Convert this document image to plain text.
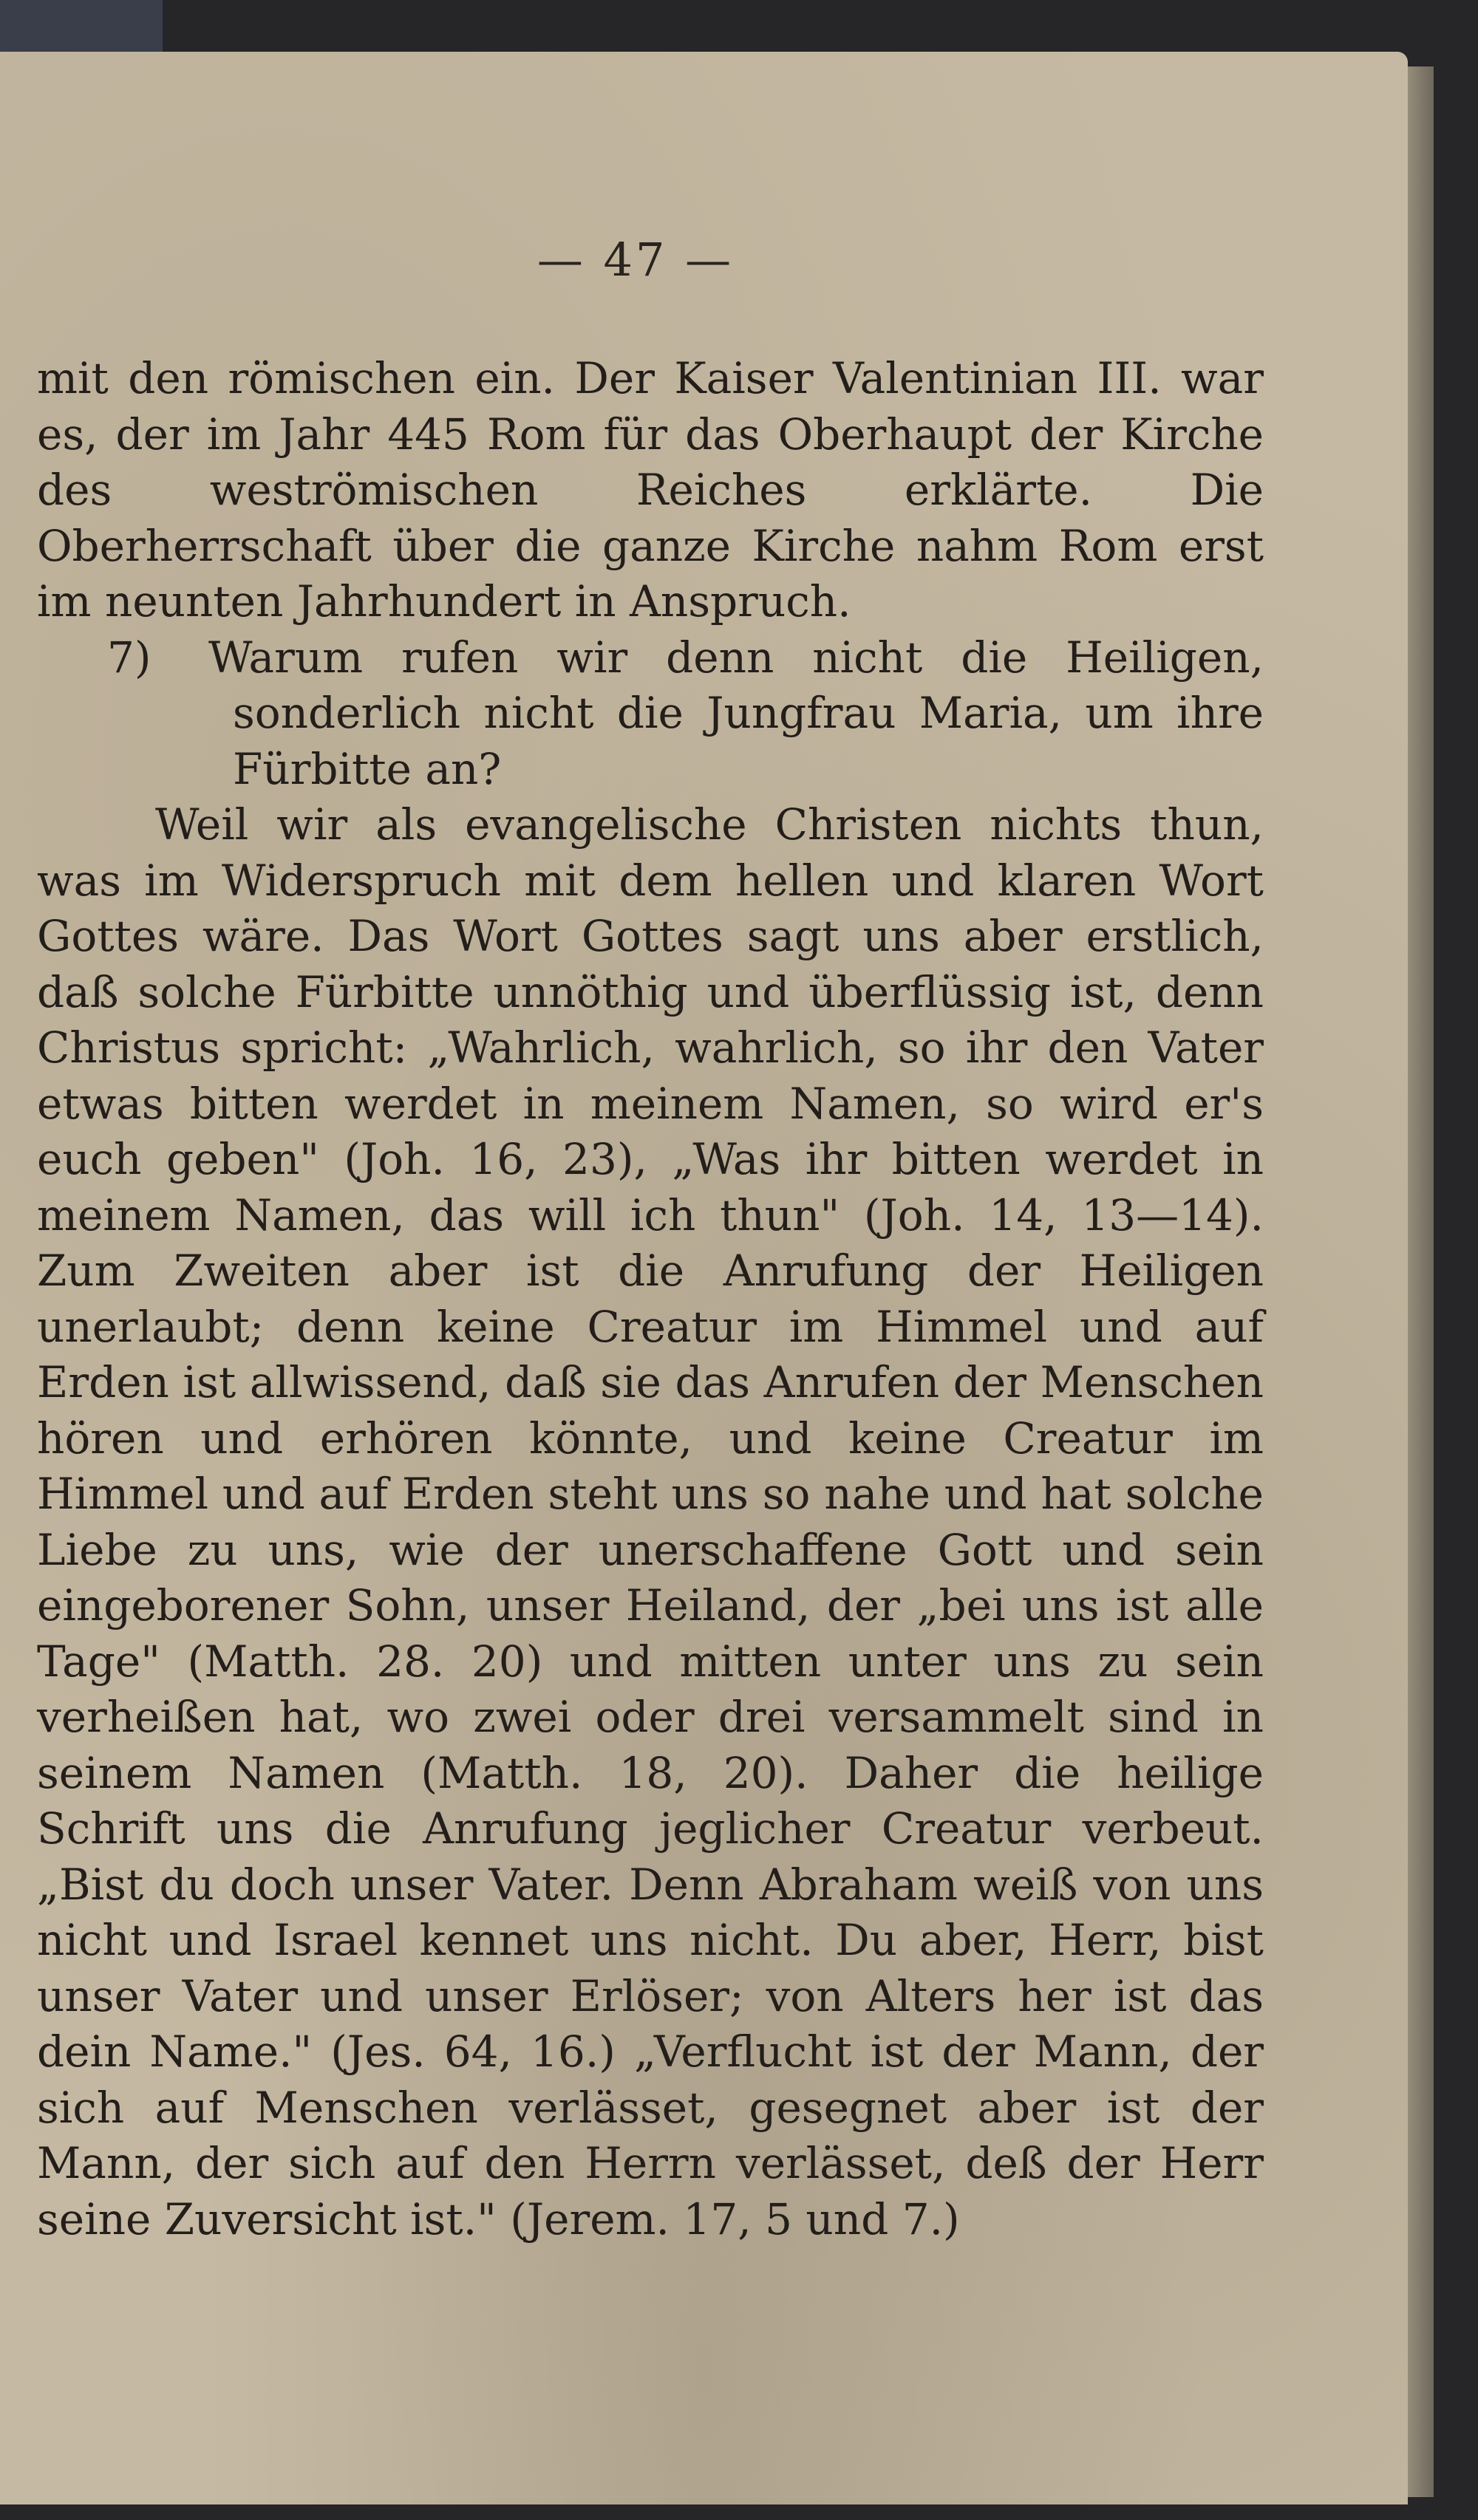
— 47 —

mit den römischen ein. Der Kaiser Valentinian III. war es, der im Jahr 445 Rom für das Oberhaupt der Kirche des weströmischen Reiches erklärte. Die Oberherrschaft über die ganze Kirche nahm Rom erst im neunten Jahrhundert in Anspruch.

7) Warum rufen wir denn nicht die Heiligen, sonderlich nicht die Jungfrau Maria, um ihre Fürbitte an?

Weil wir als evangelische Christen nichts thun, was im Widerspruch mit dem hellen und klaren Wort Gottes wäre. Das Wort Gottes sagt uns aber erstlich, daß solche Fürbitte unnöthig und überflüssig ist, denn Christus spricht: „Wahrlich, wahrlich, so ihr den Vater etwas bitten werdet in meinem Namen, so wird er's euch geben" (Joh. 16, 23), „Was ihr bitten werdet in meinem Namen, das will ich thun" (Joh. 14, 13—14). Zum Zweiten aber ist die Anrufung der Heiligen unerlaubt; denn keine Creatur im Himmel und auf Erden ist allwissend, daß sie das Anrufen der Menschen hören und erhören könnte, und keine Creatur im Himmel und auf Erden steht uns so nahe und hat solche Liebe zu uns, wie der unerschaffene Gott und sein eingeborener Sohn, unser Heiland, der „bei uns ist alle Tage" (Matth. 28. 20) und mitten unter uns zu sein verheißen hat, wo zwei oder drei versammelt sind in seinem Namen (Matth. 18, 20). Daher die heilige Schrift uns die Anrufung jeglicher Creatur verbeut. „Bist du doch unser Vater. Denn Abraham weiß von uns nicht und Israel kennet uns nicht. Du aber, Herr, bist unser Vater und unser Erlöser; von Alters her ist das dein Name." (Jes. 64, 16.) „Verflucht ist der Mann, der sich auf Menschen verlässet, gesegnet aber ist der Mann, der sich auf den Herrn verlässet, deß der Herr seine Zuversicht ist." (Jerem. 17, 5 und 7.)
